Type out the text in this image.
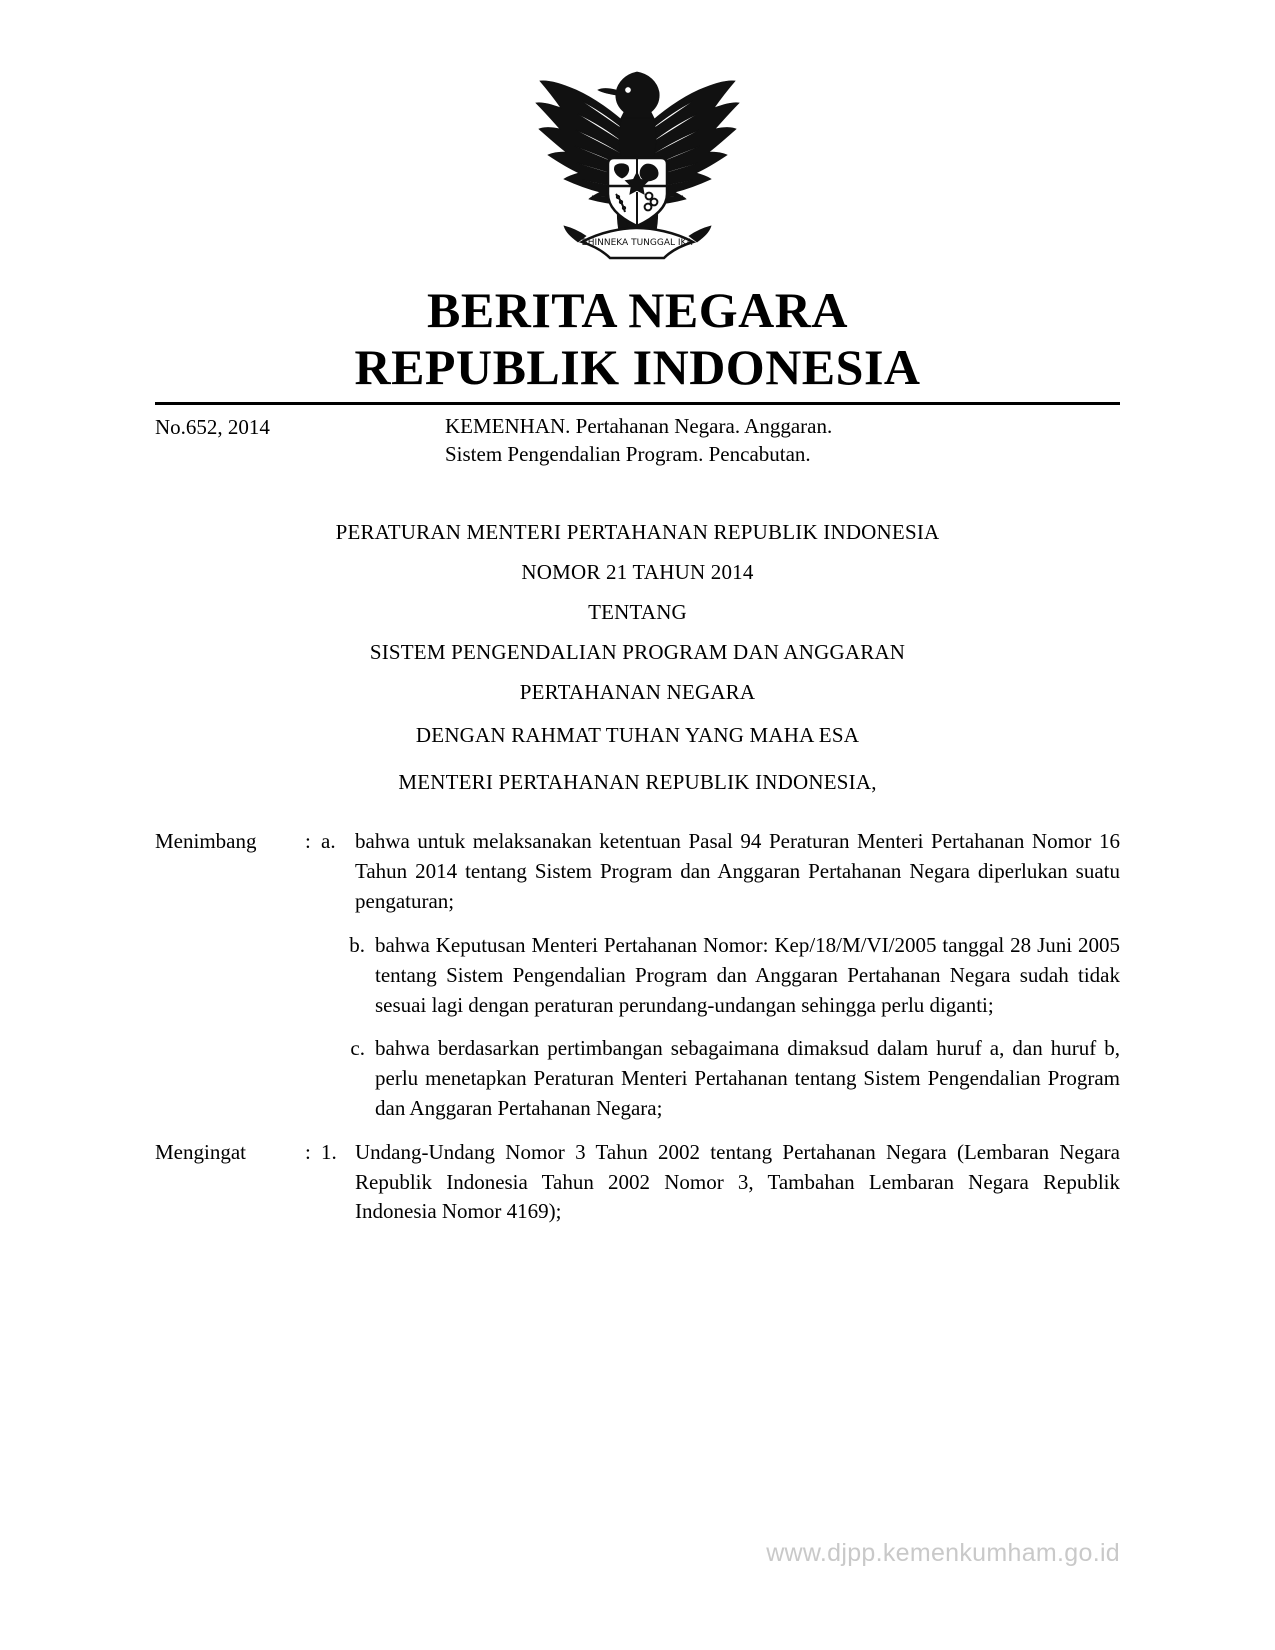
BHINNEKA TUNGGAL IKA
BERITA NEGARA
REPUBLIK INDONESIA
No.652, 2014	KEMENHAN. Pertahanan Negara. Anggaran.
Sistem Pengendalian Program. Pencabutan.
PERATURAN MENTERI PERTAHANAN REPUBLIK INDONESIA
NOMOR 21 TAHUN 2014
TENTANG
SISTEM PENGENDALIAN PROGRAM DAN ANGGARAN
PERTAHANAN NEGARA
DENGAN RAHMAT TUHAN YANG MAHA ESA
MENTERI PERTAHANAN REPUBLIK INDONESIA,
Menimbang	: a. bahwa untuk melaksanakan ketentuan Pasal 94 Peraturan Menteri Pertahanan Nomor 16 Tahun 2014 tentang Sistem Program dan Anggaran Pertahanan Negara diperlukan suatu pengaturan;
b. bahwa Keputusan Menteri Pertahanan Nomor: Kep/18/M/VI/2005 tanggal 28 Juni 2005 tentang Sistem Pengendalian Program dan Anggaran Pertahanan Negara sudah tidak sesuai lagi dengan peraturan perundang-undangan sehingga perlu diganti;
c. bahwa berdasarkan pertimbangan sebagaimana dimaksud dalam huruf a, dan huruf b, perlu menetapkan Peraturan Menteri Pertahanan tentang Sistem Pengendalian Program dan Anggaran Pertahanan Negara;
Mengingat	: 1. Undang-Undang Nomor 3 Tahun 2002 tentang Pertahanan Negara (Lembaran Negara Republik Indonesia Tahun 2002 Nomor 3, Tambahan Lembaran Negara Republik Indonesia Nomor 4169);
www.djpp.kemenkumham.go.id
